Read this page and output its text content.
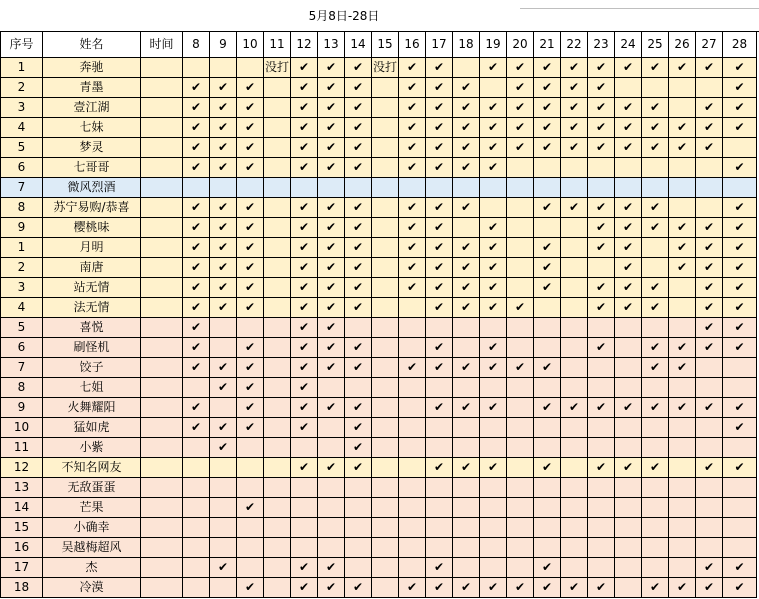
5月8日-28日
序号	姓名	时间	8	9	10	11	12	13	14	15	16	17	18	19	20	21	22	23	24	25	26	27	28
1	奔驰					没打	✔	✔	✔	没打	✔	✔		✔	✔	✔	✔	✔	✔	✔	✔	✔	✔
2	青墨		✔	✔	✔		✔	✔	✔		✔	✔	✔		✔	✔	✔	✔					✔
3	壹江湖		✔	✔	✔		✔	✔	✔		✔	✔	✔	✔	✔	✔	✔	✔	✔	✔		✔	✔
4	七妹		✔	✔	✔		✔	✔	✔		✔	✔	✔	✔	✔	✔	✔	✔	✔	✔	✔	✔	✔
5	梦灵		✔	✔	✔		✔	✔	✔		✔	✔	✔	✔	✔	✔	✔	✔	✔	✔	✔	✔	
6	七哥哥		✔	✔	✔		✔	✔	✔		✔	✔	✔	✔									✔
7	微风烈酒																						
8	苏宁易购/恭喜		✔	✔	✔		✔	✔	✔		✔	✔	✔			✔	✔	✔	✔	✔			✔
9	樱桃味		✔	✔	✔		✔	✔	✔		✔	✔		✔				✔	✔	✔	✔	✔	✔
1	月明		✔	✔	✔		✔	✔	✔		✔	✔	✔	✔		✔		✔	✔		✔	✔	✔
2	南唐		✔	✔	✔		✔	✔	✔		✔	✔	✔	✔		✔			✔		✔	✔	✔
3	站无情		✔	✔	✔		✔	✔	✔		✔	✔	✔	✔		✔		✔	✔	✔		✔	✔
4	法无情		✔	✔	✔		✔	✔	✔			✔	✔	✔	✔			✔	✔	✔		✔	✔
5	喜悦		✔				✔	✔														✔	✔
6	刷怪机		✔		✔		✔	✔	✔			✔		✔				✔		✔	✔	✔	✔
7	饺子		✔	✔	✔		✔	✔	✔		✔	✔	✔	✔	✔	✔				✔	✔		
8	七姐			✔	✔		✔																
9	火舞耀阳		✔		✔		✔	✔	✔			✔	✔	✔		✔	✔	✔	✔	✔	✔	✔	✔
10	猛如虎		✔	✔	✔		✔		✔														✔
11	小紫			✔					✔														
12	不知名网友						✔	✔	✔			✔	✔	✔		✔		✔	✔	✔		✔	✔
13	无敌蛋蛋																						
14	芒果				✔																		
15	小确幸																						
16	吴越梅超风																						
17	杰			✔			✔	✔				✔				✔						✔	✔
18	冷漠				✔		✔	✔	✔		✔	✔	✔	✔	✔	✔	✔	✔		✔	✔	✔	✔
